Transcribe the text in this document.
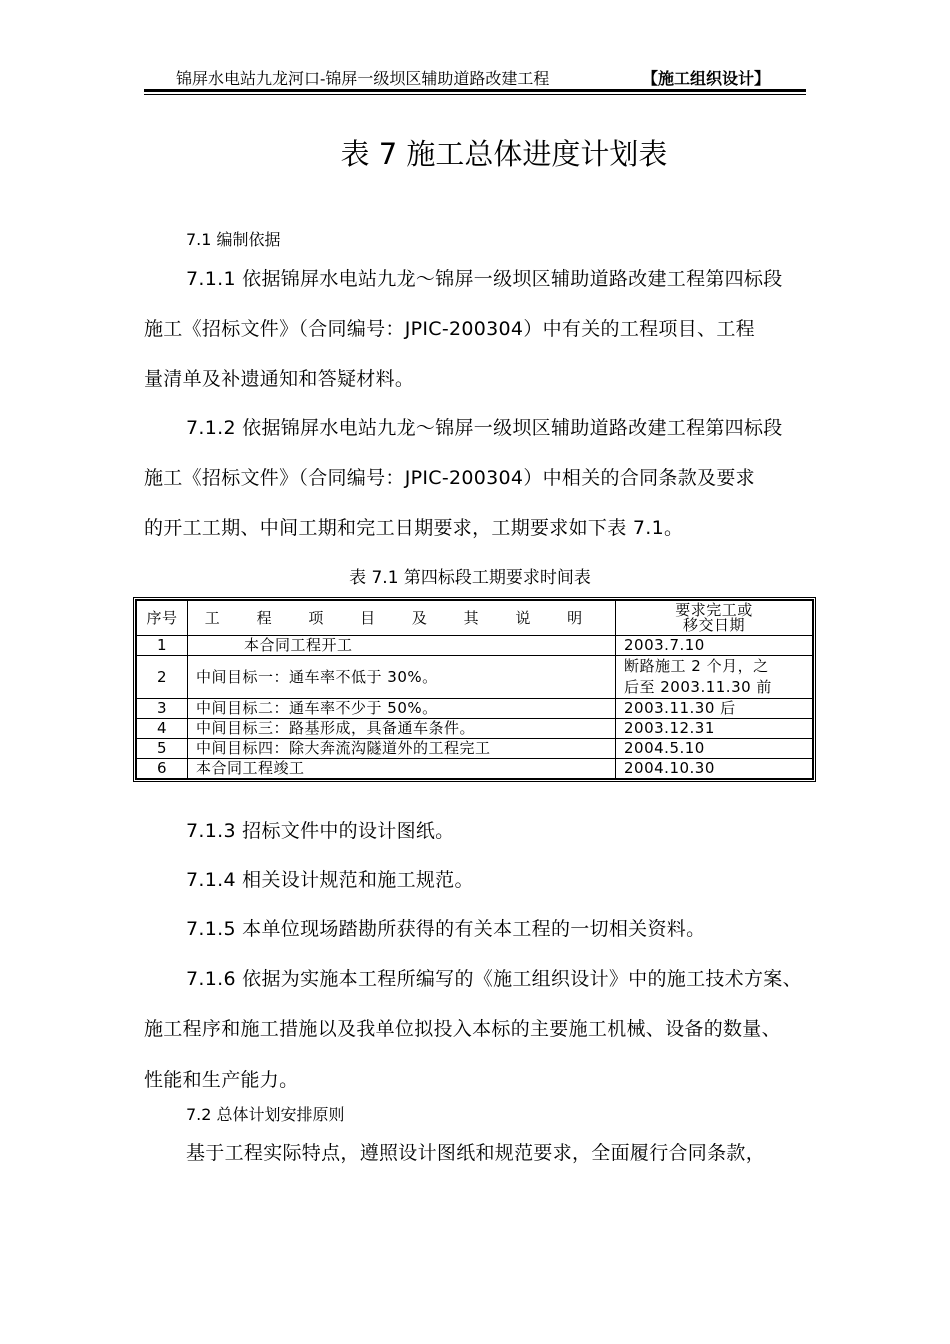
锦屏水电站九龙河口-锦屏一级坝区辅助道路改建工程	【施工组织设计】
表 7 施工总体进度计划表
7.1 编制依据
7.1.1 依据锦屏水电站九龙～锦屏一级坝区辅助道路改建工程第四标段
施工《招标文件》（合同编号：JPIC-200304）中有关的工程项目、工程
量清单及补遗通知和答疑材料。
7.1.2 依据锦屏水电站九龙～锦屏一级坝区辅助道路改建工程第四标段
施工《招标文件》（合同编号：JPIC-200304）中相关的合同条款及要求
的开工工期、中间工期和完工日期要求，工期要求如下表 7.1。
表 7.1 第四标段工期要求时间表
序号	工 程 项 目 及 其 说 明	要求完工或
移交日期

1	本合同工程开工	2003.7.10
2	中间目标一：通车率不低于 30%。	断路施工 2 个月，之
后至 2003.11.30 前

3	中间目标二：通车率不少于 50%。	2003.11.30 后
4	中间目标三：路基形成，具备通车条件。	2003.12.31
5	中间目标四：除大奔流沟隧道外的工程完工	2004.5.10
6	本合同工程竣工	2004.10.30
7.1.3 招标文件中的设计图纸。
7.1.4 相关设计规范和施工规范。
7.1.5 本单位现场踏勘所获得的有关本工程的一切相关资料。
7.1.6 依据为实施本工程所编写的《施工组织设计》中的施工技术方案、
施工程序和施工措施以及我单位拟投入本标的主要施工机械、设备的数量、
性能和生产能力。
7.2 总体计划安排原则
基于工程实际特点，遵照设计图纸和规范要求，全面履行合同条款，
